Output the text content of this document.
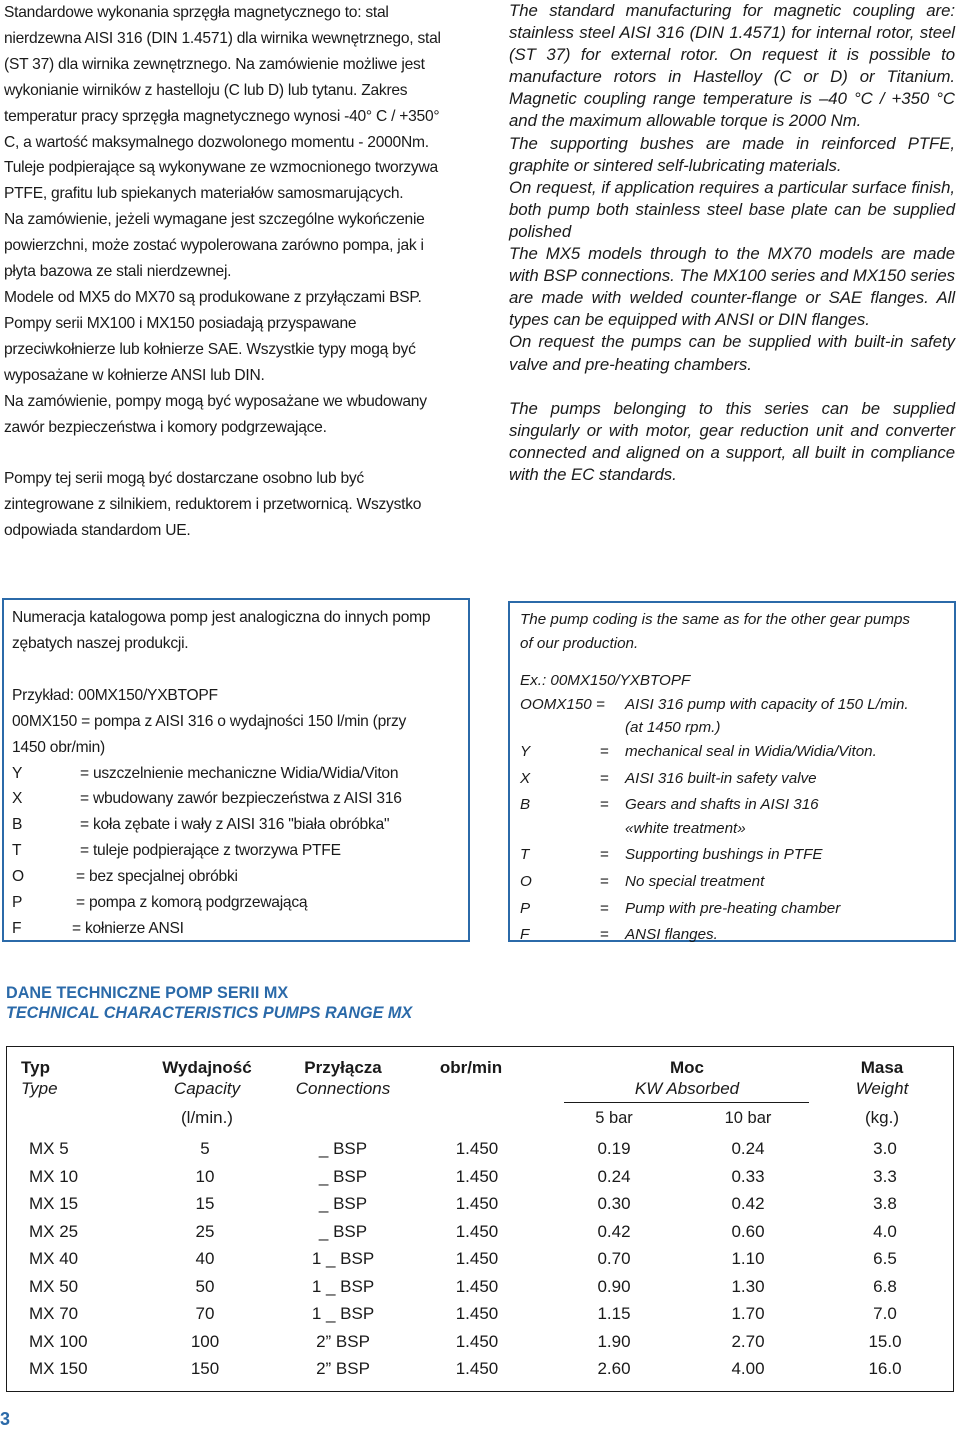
Standardowe wykonania sprzęgła magnetycznego to: stal

nierdzewna AISI 316 (DIN 1.4571) dla wirnika wewnętrznego, stal

(ST 37) dla wirnika zewnętrznego. Na zamówienie możliwe jest

wykonianie wirników z hastelloju (C lub D) lub tytanu. Zakres

temperatur pracy sprzęgła magnetycznego wynosi -40° C / +350°

C, a wartość maksymalnego dozwolonego momentu - 2000Nm.

Tuleje podpierające są wykonywane ze wzmocnionego tworzywa

PTFE, grafitu lub spiekanych materiałów samosmarujących.

Na zamówienie, jeżeli wymagane jest szczególne wykończenie

powierzchni, może zostać wypolerowana zarówno pompa, jak i

płyta bazowa ze stali nierdzewnej.

Modele od MX5 do MX70 są produkowane z przyłączami BSP.

Pompy serii MX100 i MX150 posiadają przyspawane

przeciwkołnierze lub kołnierze SAE. Wszystkie typy mogą być

wyposażane w kołnierze ANSI lub DIN.

Na zamówienie, pompy mogą być wyposażane we wbudowany

zawór bezpieczeństwa i komory podgrzewające.

Pompy tej serii mogą być dostarczane osobno lub być

zintegrowane z silnikiem, reduktorem i przetwornicą. Wszystko

odpowiada standardom UE.

The standard manufacturing for magnetic coupling are: stainless steel AISI 316 (DIN 1.4571) for internal rotor, steel (ST 37) for external rotor. On request it is possible to manufacture rotors in Hastelloy (C or D) or Titanium. Magnetic coupling range temperature is –40 °C / +350 °C and the maximum allowable torque is 2000 Nm.

The supporting bushes are made in reinforced PTFE, graphite or sintered self-lubricating materials.

On request, if application requires a particular surface finish, both pump both stainless steel base plate can be supplied polished

The MX5 models through to the MX70 models are made with BSP connections. The MX100 series and MX150 series are made with welded counter-flange or SAE flanges. All types can be equipped with ANSI or DIN flanges.

On request the pumps can be supplied with built-in safety valve and pre-heating chambers.

The pumps belonging to this series can be supplied singularly or with motor, gear reduction unit and converter connected and aligned on a support, all built in compliance with the EC standards.

Numeracja katalogowa pomp jest analogiczna do innych pomp

zębatych naszej produkcji.

Przykład: 00MX150/YXBTOPF

00MX150 = pompa z AISI 316 o wydajności 150 l/min (przy

1450 obr/min)

Y	= uszczelnienie mechaniczne Widia/Widia/Viton
X	= wbudowany zawór bezpieczeństwa z AISI 316
B	= koła zębate i wały z AISI 316 "biała obróbka"
T	= tuleje podpierające z tworzywa PTFE
O	= bez specjalnej obróbki
P	= pompa z komorą podgrzewającą
F	= kołnierze ANSI

The pump coding is the same as for the other gear pumps

of our production.

Ex.: 00MX150/YXBTOPF

OOMX150 =	AISI 316 pump with capacity of 150 L/min.

(at 1450 rpm.)

Y	=	mechanical seal in Widia/Widia/Viton.
X	=	AISI 316 built-in safety valve
B	=	Gears and shafts in AISI 316
«white treatment»
T	=	Supporting bushings in PTFE
O	=	No special treatment
P	=	Pump with pre-heating chamber
F	=	ANSI flanges.
DANE TECHNICZNE POMP SERII MX
TECHNICAL CHARACTERISTICS PUMPS RANGE MX
Typ
Type
Wydajność
Capacity
(l/min.)
Przyłącza
Connections
obr/min	Moc
KW Absorbed
5 bar	10 bar
Masa
Weight
(kg.)
MX 5	5	_ BSP	1.450	0.19	0.24	3.0
MX 10	10	_ BSP	1.450	0.24	0.33	3.3
MX 15	15	_ BSP	1.450	0.30	0.42	3.8
MX 25	25	_ BSP	1.450	0.42	0.60	4.0
MX 40	40	1 _ BSP	1.450	0.70	1.10	6.5
MX 50	50	1 _ BSP	1.450	0.90	1.30	6.8
MX 70	70	1 _ BSP	1.450	1.15	1.70	7.0
MX 100	100	2” BSP	1.450	1.90	2.70	15.0
MX 150	150	2” BSP	1.450	2.60	4.00	16.0
3
